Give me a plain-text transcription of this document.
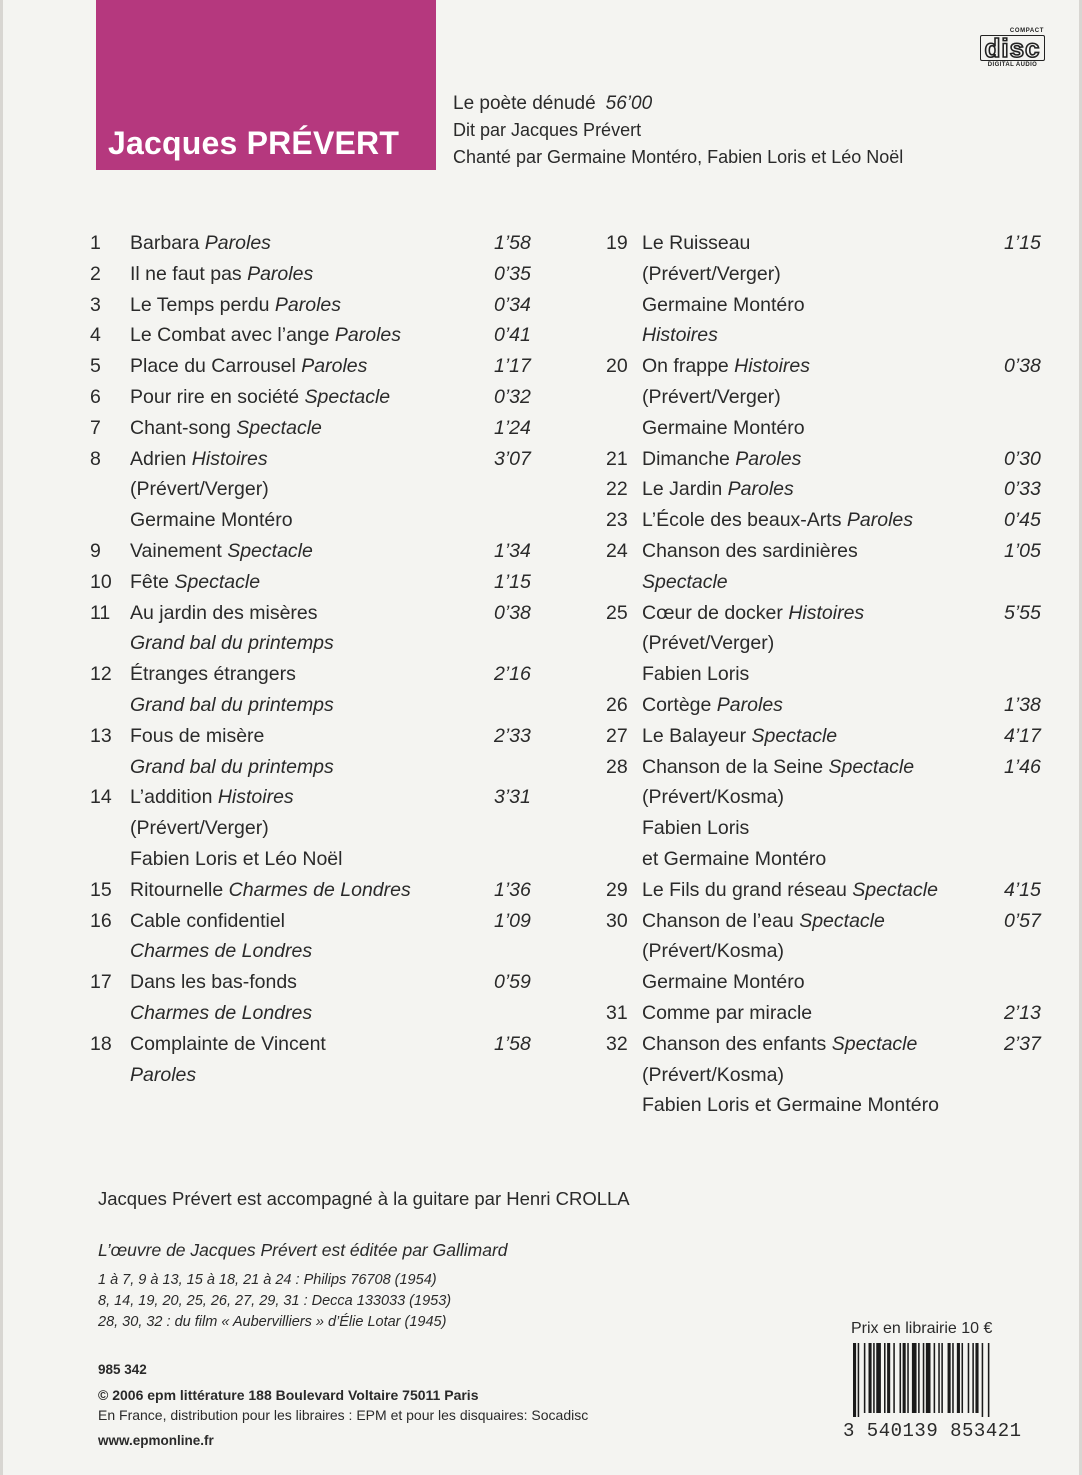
Jacques PRÉVERT
COMPACT
disc
DIGITAL AUDIO
Le poète dénudé 56’00
Dit par Jacques Prévert
Chanté par Germaine Montéro, Fabien Loris et Léo Noël
1	Barbara Paroles	1’58
2	Il ne faut pas Paroles	0’35
3	Le Temps perdu Paroles	0’34
4	Le Combat avec l’ange Paroles	0’41
5	Place du Carrousel Paroles	1’17
6	Pour rire en société Spectacle	0’32
7	Chant-song Spectacle	1’24
8	Adrien Histoires	3’07
(Prévert/Verger)
Germaine Montéro
9	Vainement Spectacle	1’34
10 Fête Spectacle	1’15
11 Au jardin des misères	0’38
Grand bal du printemps
12 Étranges étrangers	2’16
Grand bal du printemps
13 Fous de misère	2’33
Grand bal du printemps
14 L’addition Histoires	3’31
(Prévert/Verger)
Fabien Loris et Léo Noël
15 Ritournelle Charmes de Londres	1’36
16 Cable confidentiel	1’09
Charmes de Londres
17 Dans les bas-fonds	0’59
Charmes de Londres
18 Complainte de Vincent	1’58
Paroles
19 Le Ruisseau	1’15
(Prévert/Verger)
Germaine Montéro
Histoires
20 On frappe Histoires	0’38
(Prévert/Verger)
Germaine Montéro
21 Dimanche Paroles	0’30
22 Le Jardin Paroles	0’33
23 L’École des beaux-Arts Paroles	0’45
24 Chanson des sardinières	1’05
Spectacle
25 Cœur de docker Histoires	5’55
(Prévet/Verger)
Fabien Loris
26 Cortège Paroles	1’38
27 Le Balayeur Spectacle	4’17
28 Chanson de la Seine Spectacle	1’46
(Prévert/Kosma)
Fabien Loris
et Germaine Montéro
29 Le Fils du grand réseau Spectacle	4’15
30 Chanson de l’eau Spectacle	0’57
(Prévert/Kosma)
Germaine Montéro
31 Comme par miracle	2’13
32 Chanson des enfants Spectacle	2’37
(Prévert/Kosma)
Fabien Loris et Germaine Montéro
Jacques Prévert est accompagné à la guitare par Henri CROLLA
L’œuvre de Jacques Prévert est éditée par Gallimard
1 à 7, 9 à 13, 15 à 18, 21 à 24 : Philips 76708 (1954)
8, 14, 19, 20, 25, 26, 27, 29, 31 : Decca 133033 (1953)
28, 30, 32 : du film « Aubervilliers » d’Élie Lotar (1945)
985 342
© 2006 epm littérature 188 Boulevard Voltaire 75011 Paris
En France, distribution pour les libraires : EPM et pour les disquaires: Socadisc
www.epmonline.fr
Prix en librairie 10 €
3 540139 853421
